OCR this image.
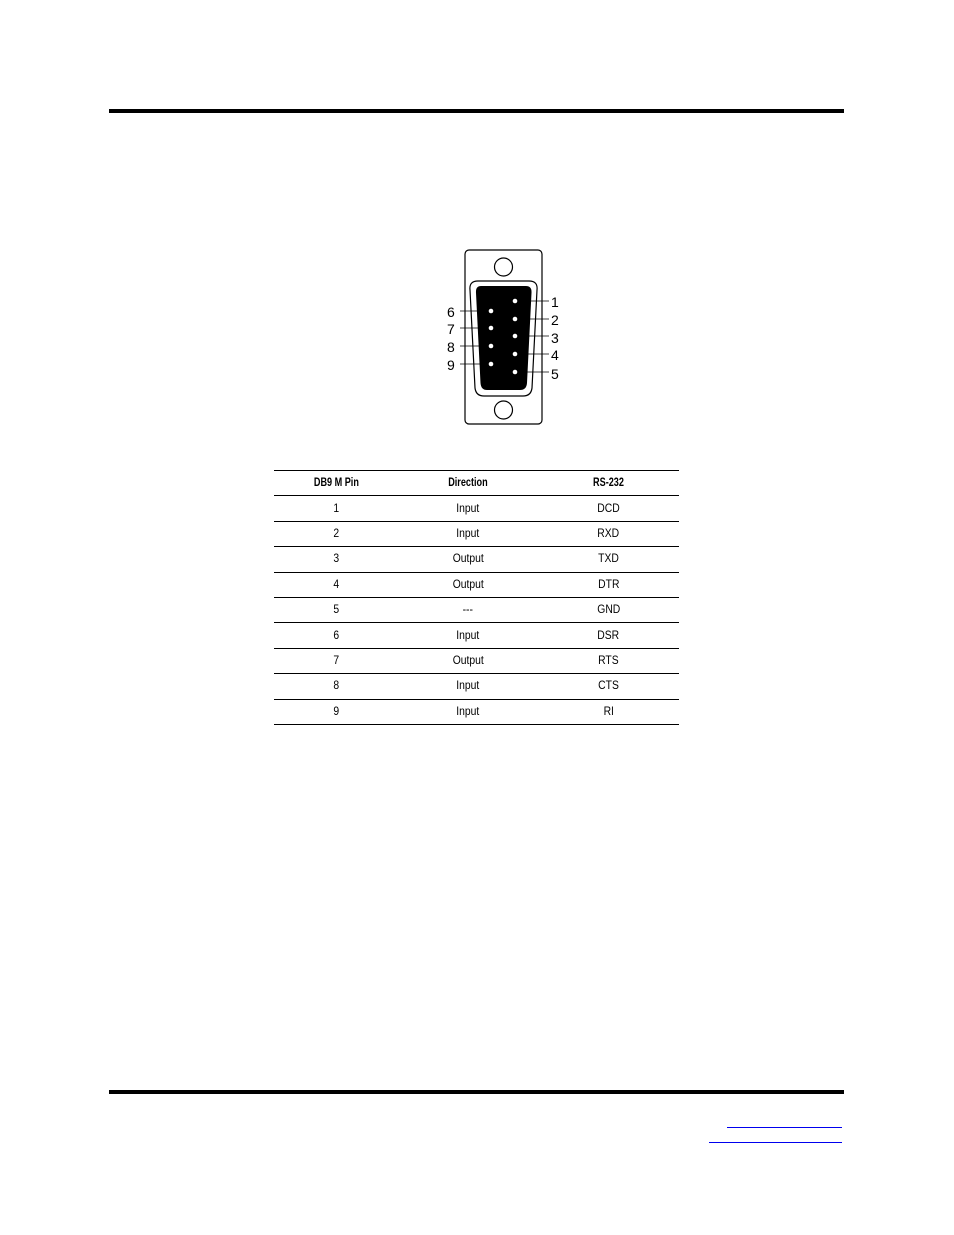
1
2
3
4
5
6
7
8
9
DB9 M Pin	Direction	RS-232
1	Input	DCD
2	Input	RXD
3	Output	TXD
4	Output	DTR
5	---	GND
6	Input	DSR
7	Output	RTS
8	Input	CTS
9	Input	RI
